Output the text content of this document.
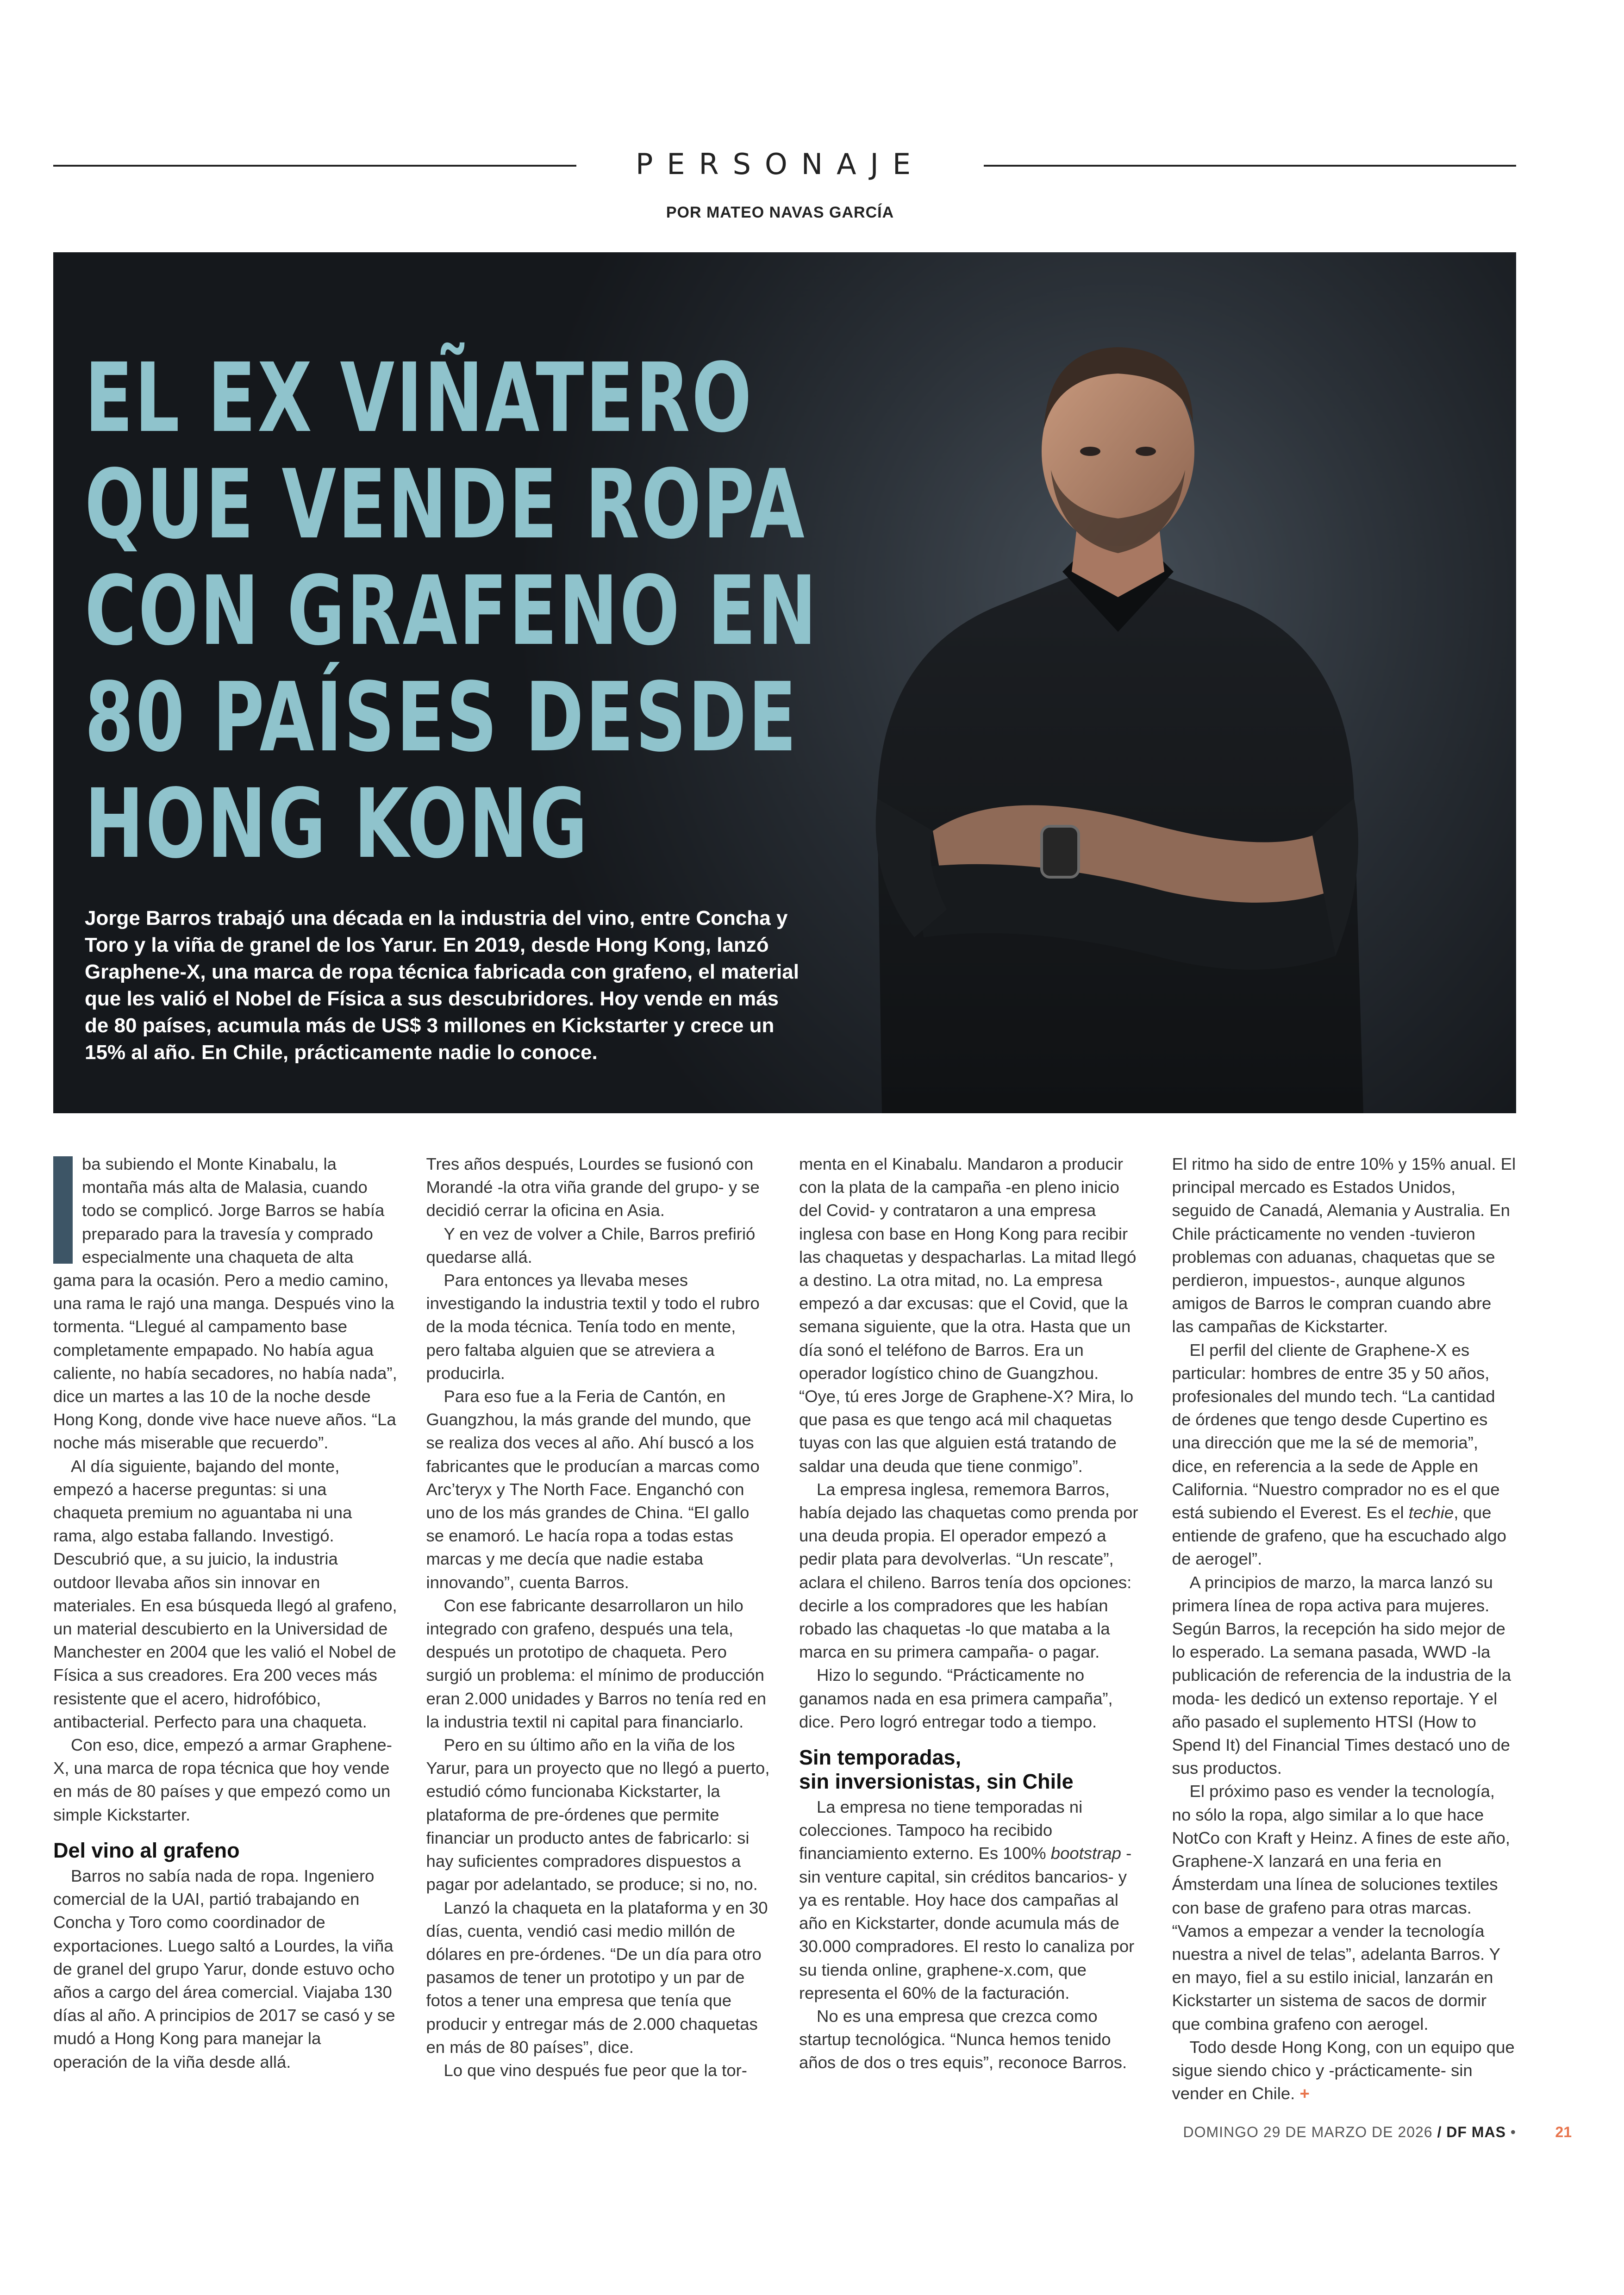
PERSONAJE
POR MATEO NAVAS GARCÍA
EL EX VIÑATERO
QUE VENDE ROPA
CON GRAFENO EN
80 PAÍSES DESDE
HONG KONG

Jorge Barros trabajó una década en la industria del vino, entre Concha y Toro y la viña de granel de los Yarur. En 2019, desde Hong Kong, lanzó Graphene-X, una marca de ropa técnica fabricada con grafeno, el material que les valió el Nobel de Física a sus descubridores. Hoy vende en más de 80 países, acumula más de US$ 3 millones en Kickstarter y crece un 15% al año. En Chile, prácticamente nadie lo conoce.

ba subiendo el Monte Kinabalu, la montaña más alta de Malasia, cuando todo se complicó. Jorge Barros se había preparado para la travesía y comprado especialmente una chaqueta de alta gama para la ocasión. Pero a medio camino, una rama le rajó una manga. Después vino la tormenta. “Llegué al campamento base completamente empapado. No había agua caliente, no había secadores, no había nada”, dice un martes a las 10 de la noche desde Hong Kong, donde vive hace nueve años. “La noche más miserable que recuerdo”.

Al día siguiente, bajando del monte, empezó a hacerse preguntas: si una chaqueta premium no aguantaba ni una rama, algo estaba fallando. Investigó. Descubrió que, a su juicio, la industria outdoor llevaba años sin innovar en materiales. En esa búsqueda llegó al grafeno, un material descubierto en la Universidad de Manchester en 2004 que les valió el Nobel de Física a sus creadores. Era 200 veces más resistente que el acero, hidrofóbico, antibacterial. Perfecto para una chaqueta.

Con eso, dice, empezó a armar Graphene-X, una marca de ropa técnica que hoy vende en más de 80 países y que empezó como un simple Kickstarter.

Del vino al grafeno

Barros no sabía nada de ropa. Ingeniero comercial de la UAI, partió trabajando en Concha y Toro como coordinador de exportaciones. Luego saltó a Lourdes, la viña de granel del grupo Yarur, donde estuvo ocho años a cargo del área comercial. Viajaba 130 días al año. A principios de 2017 se casó y se mudó a Hong Kong para manejar la operación de la viña desde allá.

Tres años después, Lourdes se fusionó con Morandé -la otra viña grande del grupo- y se decidió cerrar la oficina en Asia.

Y en vez de volver a Chile, Barros prefirió quedarse allá.

Para entonces ya llevaba meses investigando la industria textil y todo el rubro de la moda técnica. Tenía todo en mente, pero faltaba alguien que se atreviera a producirla.

Para eso fue a la Feria de Cantón, en Guangzhou, la más grande del mundo, que se realiza dos veces al año. Ahí buscó a los fabricantes que le producían a marcas como Arc’teryx y The North Face. Enganchó con uno de los más grandes de China. “El gallo se enamoró. Le hacía ropa a todas estas marcas y me decía que nadie estaba innovando”, cuenta Barros.

Con ese fabricante desarrollaron un hilo integrado con grafeno, después una tela, después un prototipo de chaqueta. Pero surgió un problema: el mínimo de producción eran 2.000 unidades y Barros no tenía red en la industria textil ni capital para financiarlo.

Pero en su último año en la viña de los Yarur, para un proyecto que no llegó a puerto, estudió cómo funcionaba Kickstarter, la plataforma de pre-órdenes que permite financiar un producto antes de fabricarlo: si hay suficientes compradores dispuestos a pagar por adelantado, se produce; si no, no.

Lanzó la chaqueta en la plataforma y en 30 días, cuenta, vendió casi medio millón de dólares en pre-órdenes. “De un día para otro pasamos de tener un prototipo y un par de fotos a tener una empresa que tenía que producir y entregar más de 2.000 chaquetas en más de 80 países”, dice.

Lo que vino después fue peor que la tor-

menta en el Kinabalu. Mandaron a producir con la plata de la campaña -en pleno inicio del Covid- y contrataron a una empresa inglesa con base en Hong Kong para recibir las chaquetas y despacharlas. La mitad llegó a destino. La otra mitad, no. La empresa empezó a dar excusas: que el Covid, que la semana siguiente, que la otra. Hasta que un día sonó el teléfono de Barros. Era un operador logístico chino de Guangzhou. “Oye, tú eres Jorge de Graphene-X? Mira, lo que pasa es que tengo acá mil chaquetas tuyas con las que alguien está tratando de saldar una deuda que tiene conmigo”.

La empresa inglesa, rememora Barros, había dejado las chaquetas como prenda por una deuda propia. El operador empezó a pedir plata para devolverlas. “Un rescate”, aclara el chileno. Barros tenía dos opciones: decirle a los compradores que les habían robado las chaquetas -lo que mataba a la marca en su primera campaña- o pagar.

Hizo lo segundo. “Prácticamente no ganamos nada en esa primera campaña”, dice. Pero logró entregar todo a tiempo.

Sin temporadas,
sin inversionistas, sin Chile

La empresa no tiene temporadas ni colecciones. Tampoco ha recibido financiamiento externo. Es 100% bootstrap -sin venture capital, sin créditos bancarios- y ya es rentable. Hoy hace dos campañas al año en Kickstarter, donde acumula más de 30.000 compradores. El resto lo canaliza por su tienda online, graphene-x.com, que representa el 60% de la facturación.

No es una empresa que crezca como startup tecnológica. “Nunca hemos tenido años de dos o tres equis”, reconoce Barros.

El ritmo ha sido de entre 10% y 15% anual. El principal mercado es Estados Unidos, seguido de Canadá, Alemania y Australia. En Chile prácticamente no venden -tuvieron problemas con aduanas, chaquetas que se perdieron, impuestos-, aunque algunos amigos de Barros le compran cuando abre las campañas de Kickstarter.

El perfil del cliente de Graphene-X es particular: hombres de entre 35 y 50 años, profesionales del mundo tech. “La cantidad de órdenes que tengo desde Cupertino es una dirección que me la sé de memoria”, dice, en referencia a la sede de Apple en California. “Nuestro comprador no es el que está subiendo el Everest. Es el techie, que entiende de grafeno, que ha escuchado algo de aerogel”.

A principios de marzo, la marca lanzó su primera línea de ropa activa para mujeres. Según Barros, la recepción ha sido mejor de lo esperado. La semana pasada, WWD -la publicación de referencia de la industria de la moda- les dedicó un extenso reportaje. Y el año pasado el suplemento HTSI (How to Spend It) del Financial Times destacó uno de sus productos.

El próximo paso es vender la tecnología, no sólo la ropa, algo similar a lo que hace NotCo con Kraft y Heinz. A fines de este año, Graphene-X lanzará en una feria en Ámsterdam una línea de soluciones textiles con base de grafeno para otras marcas. “Vamos a empezar a vender la tecnología nuestra a nivel de telas”, adelanta Barros. Y en mayo, fiel a su estilo inicial, lanzarán en Kickstarter un sistema de sacos de dormir que combina grafeno con aerogel.

Todo desde Hong Kong, con un equipo que sigue siendo chico y -prácticamente- sin vender en Chile. +

DOMINGO 29 DE MARZO DE 2026 / DF MAS •	21
